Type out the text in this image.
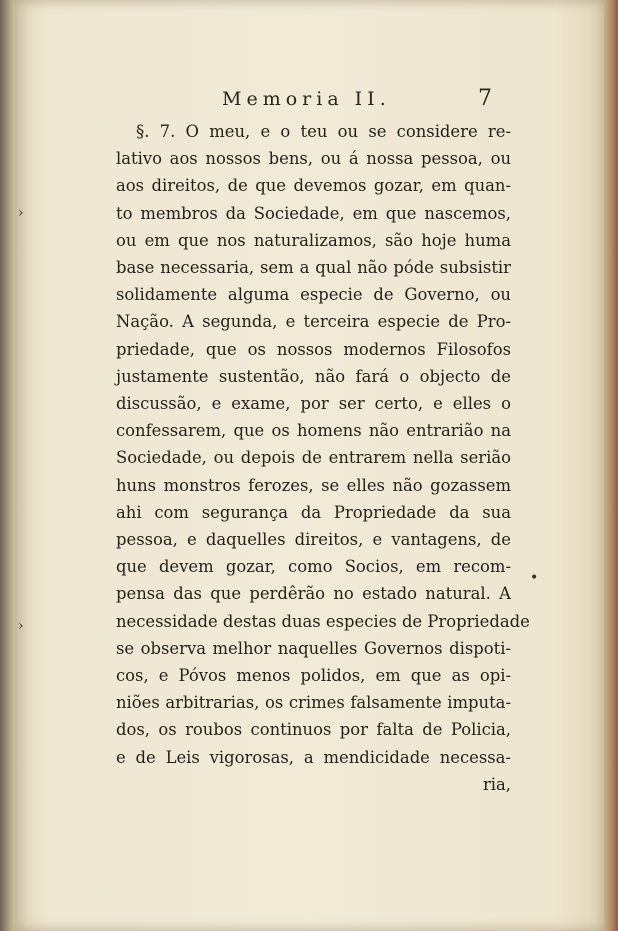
Memoria II.	7

§. 7. O meu, e o teu ou se considere re-
lativo aos nossos bens, ou á nossa pessoa, ou
aos direitos, de que devemos gozar, em quan-
to membros da Sociedade, em que nascemos,
ou em que nos naturalizamos, são hoje huma
base necessaria, sem a qual não póde subsistir
solidamente alguma especie de Governo, ou
Nação. A segunda, e terceira especie de Pro-
priedade, que os nossos modernos Filosofos
justamente sustentão, não fará o objecto de
discussão, e exame, por ser certo, e elles o
confessarem, que os homens não entrarião na
Sociedade, ou depois de entrarem nella serião
huns monstros ferozes, se elles não gozassem
ahi com segurança da Propriedade da sua
pessoa, e daquelles direitos, e vantagens, de
que devem gozar, como Socios, em recom-
pensa das que perdêrão no estado natural. A
necessidade destas duas especies de Propriedade
se observa melhor naquelles Governos dispoti-
cos, e Póvos menos polidos, em que as opi-
niões arbitrarias, os crimes falsamente imputa-
dos, os roubos continuos por falta de Policia,
e de Leis vigorosas, a mendicidade necessa-
ria,

›
›
•
